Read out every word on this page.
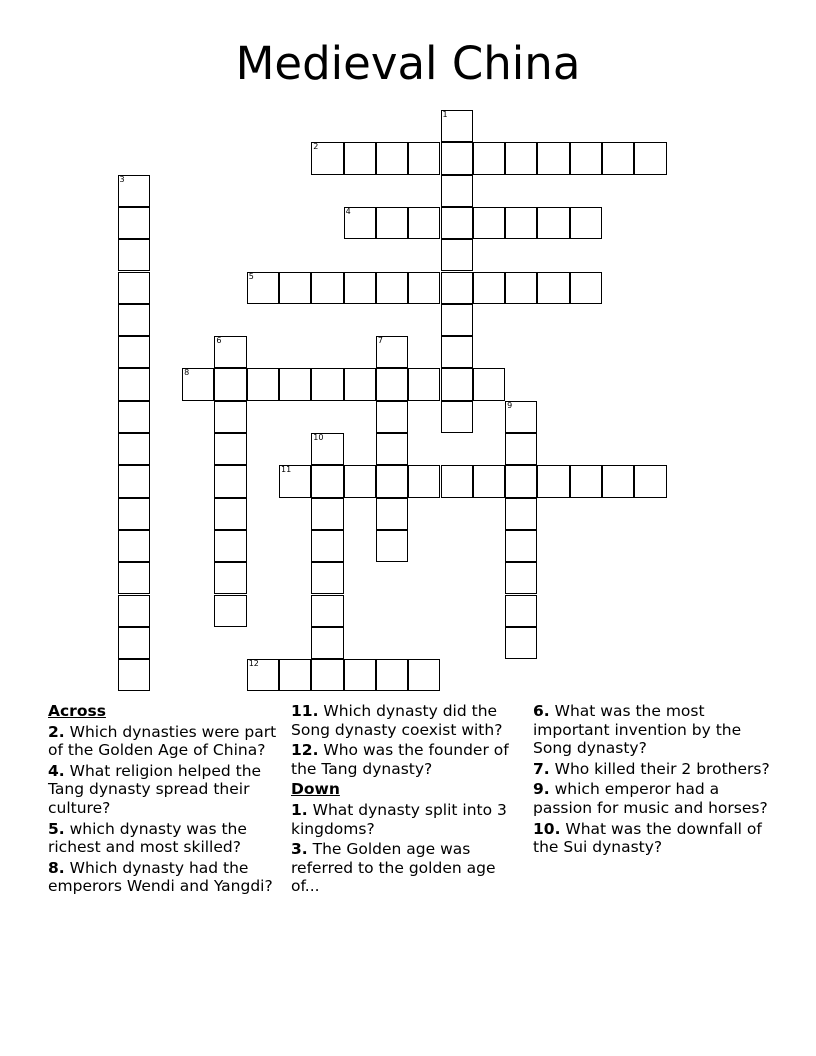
Medieval China
1
2
3
4
5
6	7
8
9
10
11
12
Across
2. Which dynasties were part of the Golden Age of China?
4. What religion helped the Tang dynasty spread their culture?
5. which dynasty was the richest and most skilled?
8. Which dynasty had the emperors Wendi and Yangdi?
11. Which dynasty did the Song dynasty coexist with?
12. Who was the founder of the Tang dynasty?
Down
1. What dynasty split into 3 kingdoms?
3. The Golden age was referred to the golden age of...
6. What was the most important invention by the Song dynasty?
7. Who killed their 2 brothers?
9. which emperor had a passion for music and horses?
10. What was the downfall of the Sui dynasty?
